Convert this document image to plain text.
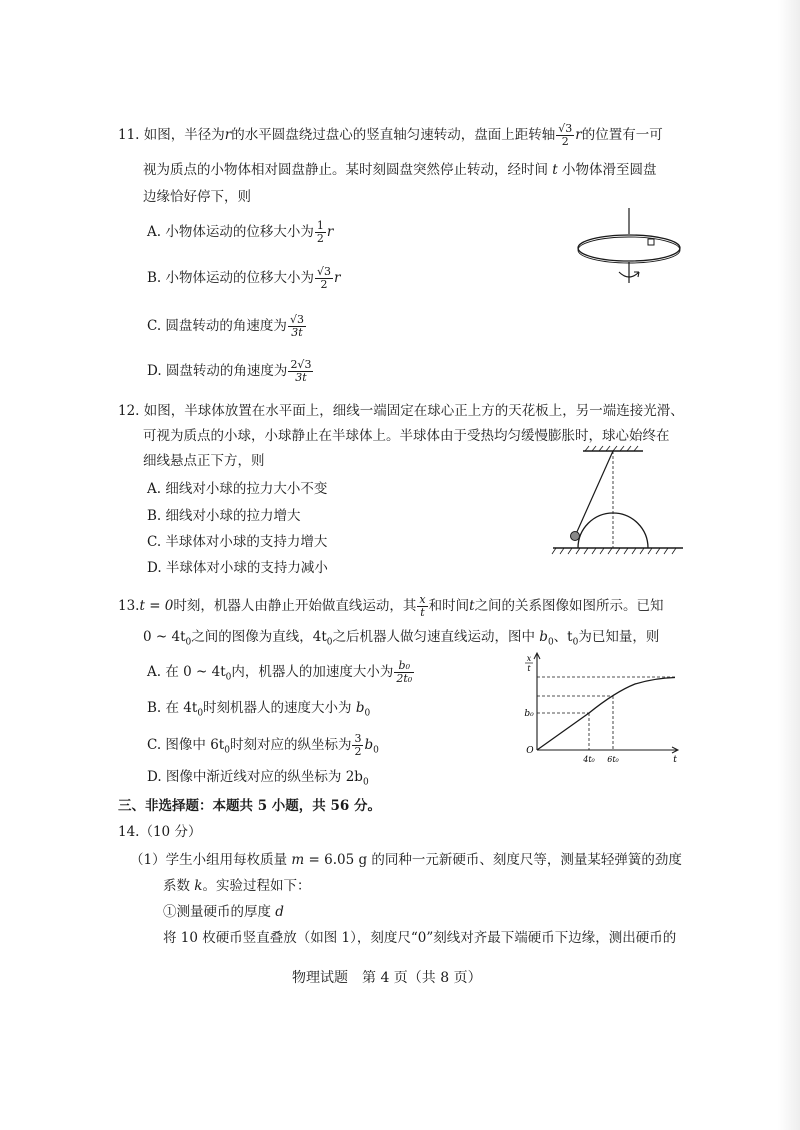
11. 如图，半径为r的水平圆盘绕过盘心的竖直轴匀速转动，盘面上距转轴 $\frac{√3}{2}$ r的位置有一可
视为质点的小物体相对圆盘静止。某时刻圆盘突然停止转动，经时间 t 小物体滑至圆盘
边缘恰好停下，则
A. 小物体运动的位移大小为 $\frac{1}{2}$ r
B. 小物体运动的位移大小为 $\frac{√3}{2}$ r
C. 圆盘转动的角速度为 $\frac{√3}{3t}$
D. 圆盘转动的角速度为 $\frac{2√3}{3t}$
12. 如图，半球体放置在水平面上，细线一端固定在球心正上方的天花板上，另一端连接光滑、
可视为质点的小球，小球静止在半球体上。半球体由于受热均匀缓慢膨胀时，球心始终在
细线悬点正下方，则
A. 细线对小球的拉力大小不变
B. 细线对小球的拉力增大
C. 半球体对小球的支持力增大
D. 半球体对小球的支持力减小
13.t = 0时刻，机器人由静止开始做直线运动，其 $\frac{x}{t}$ 和时间t之间的关系图像如图所示。已知
0 ~ $4t_0$之间的图像为直线，$4t_0$之后机器人做匀速直线运动，图中 $b_0$、$t_0$为已知量，则
A. 在 0 ~ $4t_0$内，机器人的加速度大小为 $\frac{\text{b₀}}{\text{2t₀}}$
B. 在 $4t_0$时刻机器人的速度大小为 $b_0$
C. 图像中 $6t_0$时刻对应的纵坐标为 $\frac{3}{2} b_0$
D. 图像中渐近线对应的纵坐标为 $2b_0$
x
t
b₀
O
4t₀ 6t₀	t
三、非选择题：本题共 5 小题，共 56 分。
14.（10 分）
（1）学生小组用每枚质量 m = 6.05 g 的同种一元新硬币、刻度尺等，测量某轻弹簧的劲度
系数 k。实验过程如下：
①测量硬币的厚度 d
将 10 枚硬币竖直叠放（如图 1），刻度尺“0”刻线对齐最下端硬币下边缘，测出硬币的
物理试题　第 4 页（共 8 页）
